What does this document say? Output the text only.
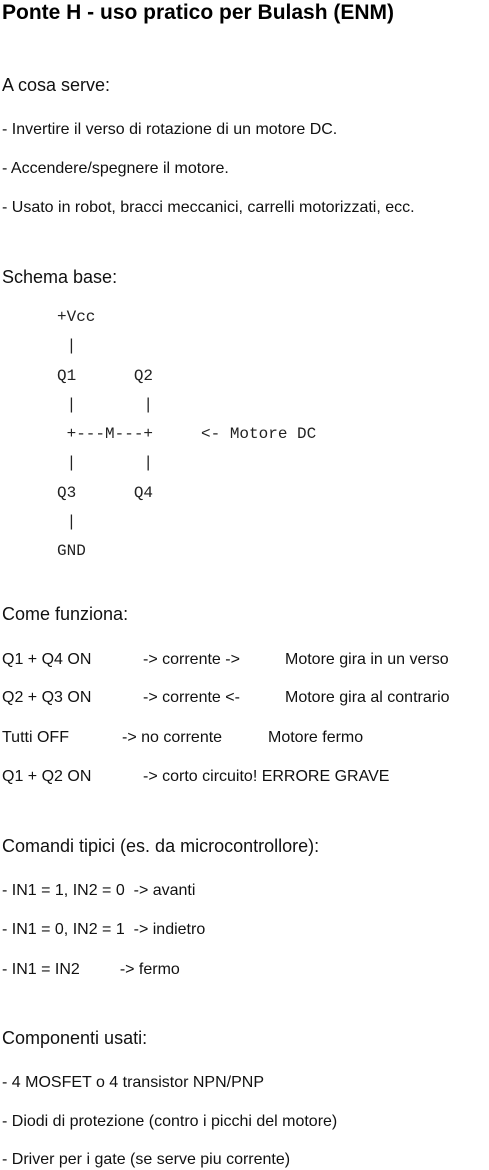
Ponte H - uso pratico per Bulash (ENM)
A cosa serve:
- Invertire il verso di rotazione di un motore DC.
- Accendere/spegnere il motore.
- Usato in robot, bracci meccanici, carrelli motorizzati, ecc.
Schema base:
+Vcc
|
Q1      Q2
|       |
+---M---+     <- Motore DC
|       |
Q3      Q4
|
GND
Come funziona:
Q1 + Q4 ON	-> corrente ->	Motore gira in un verso
Q2 + Q3 ON	-> corrente <-	Motore gira al contrario
Tutti OFF	-> no corrente	Motore fermo
Q1 + Q2 ON	-> corto circuito! ERRORE GRAVE
Comandi tipici (es. da microcontrollore):
- IN1 = 1, IN2 = 0  -> avanti
- IN1 = 0, IN2 = 1  -> indietro
- IN1 = IN2         -> fermo
Componenti usati:
- 4 MOSFET o 4 transistor NPN/PNP
- Diodi di protezione (contro i picchi del motore)
- Driver per i gate (se serve piu corrente)
